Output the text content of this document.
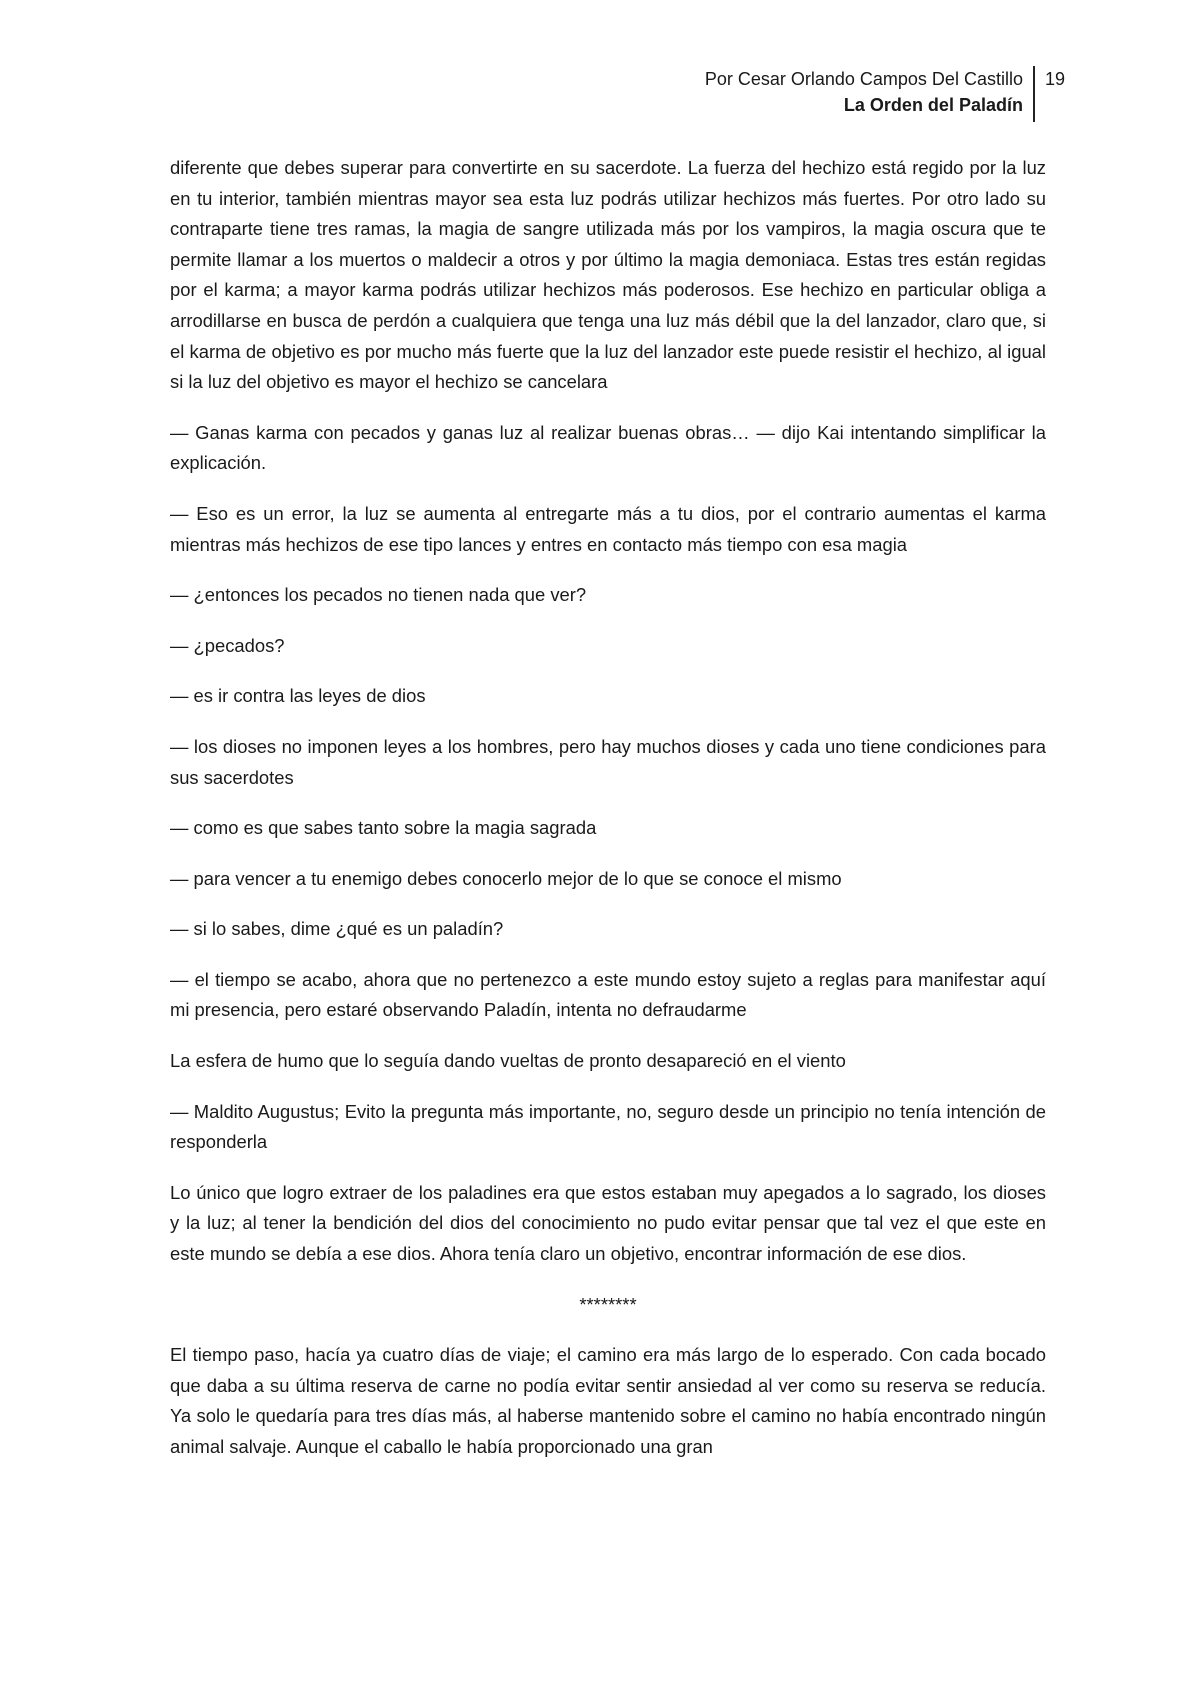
Por Cesar Orlando Campos Del Castillo
La Orden del Paladín
19

diferente que debes superar para convertirte en su sacerdote. La fuerza del hechizo está regido por la luz en tu interior, también mientras mayor sea esta luz podrás utilizar hechizos más fuertes. Por otro lado su contraparte tiene tres ramas, la magia de sangre utilizada más por los vampiros, la magia oscura que te permite llamar a los muertos o maldecir a otros y por último la magia demoniaca. Estas tres están regidas por el karma; a mayor karma podrás utilizar hechizos más poderosos. Ese hechizo en particular obliga a arrodillarse en busca de perdón a cualquiera que tenga una luz más débil que la del lanzador, claro que, si el karma de objetivo es por mucho más fuerte que la luz del lanzador este puede resistir el hechizo, al igual si la luz del objetivo es mayor el hechizo se cancelara

— Ganas karma con pecados y ganas luz al realizar buenas obras… — dijo Kai intentando simplificar la explicación.

— Eso es un error, la luz se aumenta al entregarte más a tu dios, por el contrario aumentas el karma mientras más hechizos de ese tipo lances y entres en contacto más tiempo con esa magia

— ¿entonces los pecados no tienen nada que ver?

— ¿pecados?

— es ir contra las leyes de dios

— los dioses no imponen leyes a los hombres, pero hay muchos dioses y cada uno tiene condiciones para sus sacerdotes

— como es que sabes tanto sobre la magia sagrada

— para vencer a tu enemigo debes conocerlo mejor de lo que se conoce el mismo

— si lo sabes, dime ¿qué es un paladín?

— el tiempo se acabo, ahora que no pertenezco a este mundo estoy sujeto a reglas para manifestar aquí mi presencia, pero estaré observando Paladín, intenta no defraudarme

La esfera de humo que lo seguía dando vueltas de pronto desapareció en el viento

— Maldito Augustus; Evito la pregunta más importante, no, seguro desde un principio no tenía intención de responderla

Lo único que logro extraer de los paladines era que estos estaban muy apegados a lo sagrado, los dioses y la luz; al tener la bendición del dios del conocimiento no pudo evitar pensar que tal vez el que este en este mundo se debía a ese dios. Ahora tenía claro un objetivo, encontrar información de ese dios.

********

El tiempo paso, hacía ya cuatro días de viaje; el camino era más largo de lo esperado. Con cada bocado que daba a su última reserva de carne no podía evitar sentir ansiedad al ver como su reserva se reducía. Ya solo le quedaría para tres días más, al haberse mantenido sobre el camino no había encontrado ningún animal salvaje. Aunque el caballo le había proporcionado una gran
